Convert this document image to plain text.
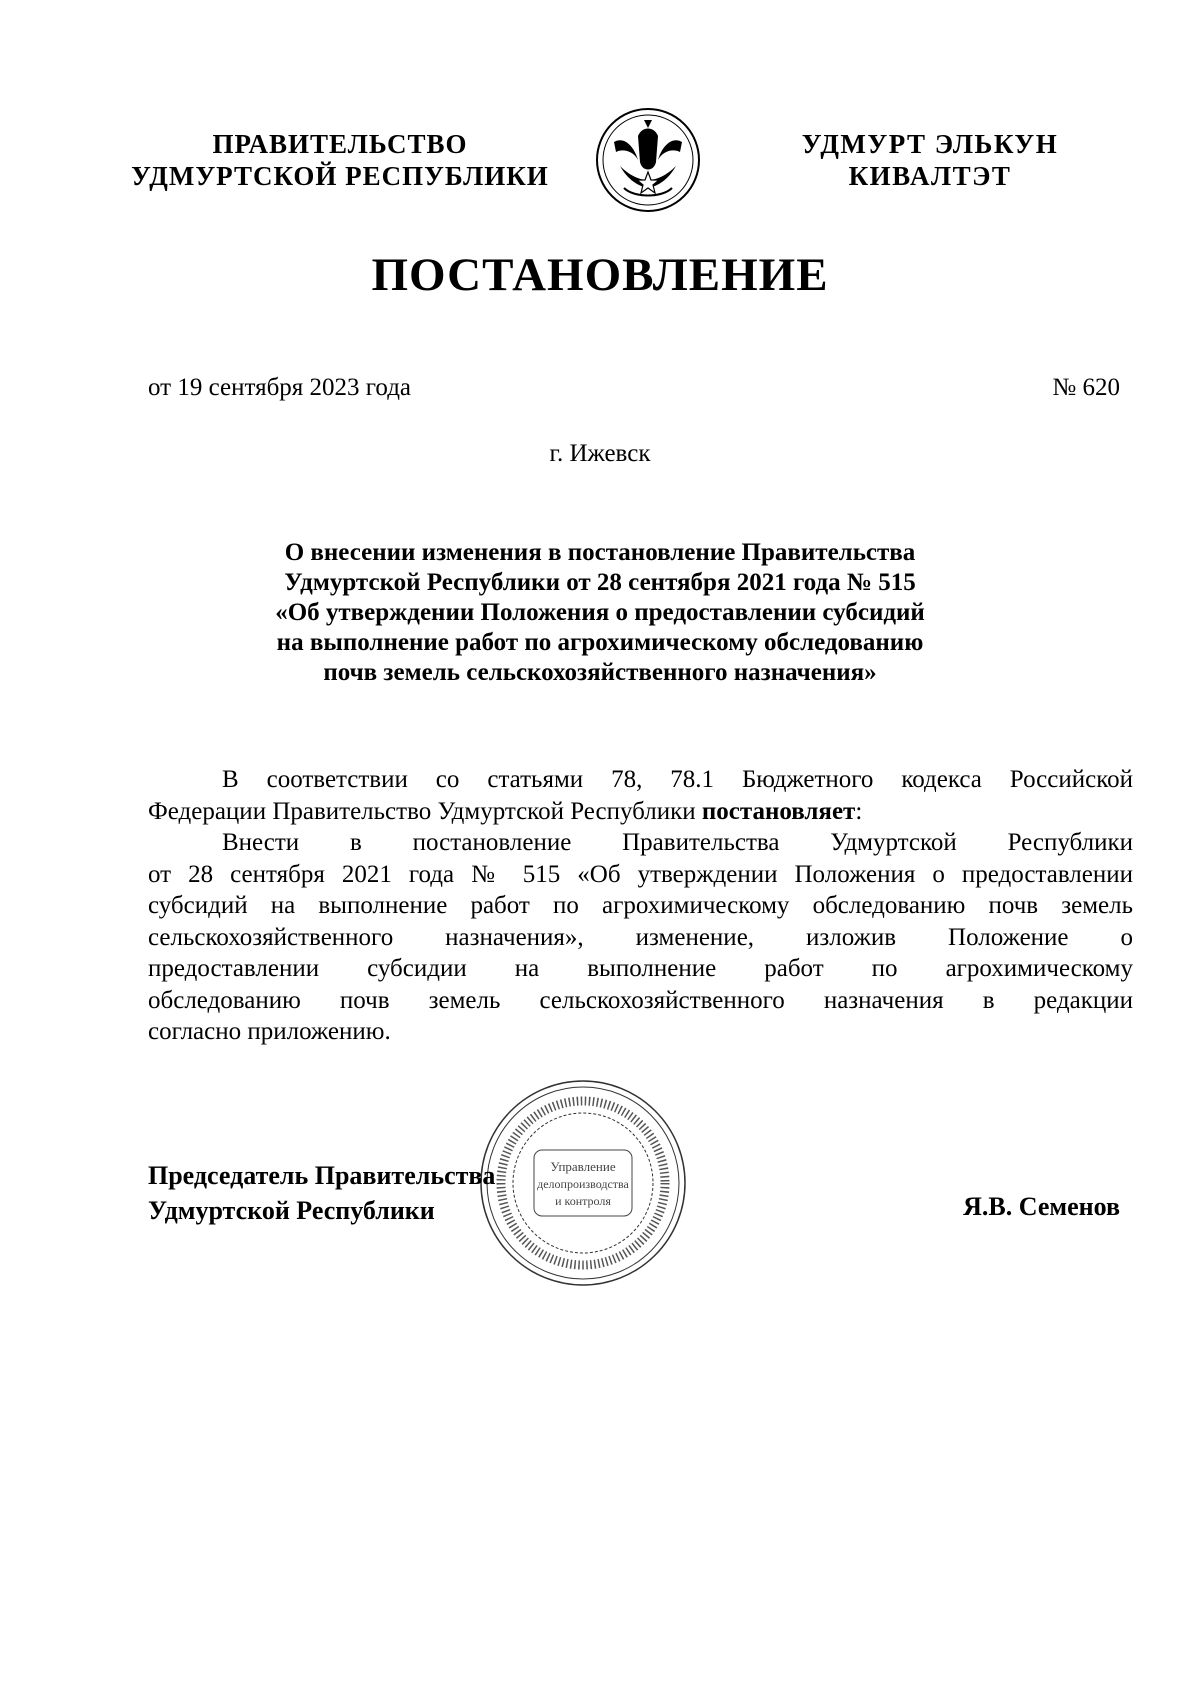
ПРАВИТЕЛЬСТВО
УДМУРТСКОЙ РЕСПУБЛИКИ
УДМУРТ ЭЛЬКУН
КИВАЛТЭТ
ПОСТАНОВЛЕНИЕ
от 19 сентября 2023 года	№ 620
г. Ижевск
О внесении изменения в постановление Правительства
Удмуртской Республики от 28 сентября 2021 года № 515
«Об утверждении Положения о предоставлении субсидий
на выполнение работ по агрохимическому обследованию
почв земель сельскохозяйственного назначения»
В соответствии со статьями 78, 78.1 Бюджетного кодекса Российской
Федерации Правительство Удмуртской Республики постановляет:
Внести в постановление Правительства Удмуртской Республики
от 28 сентября 2021 года № 515 «Об утверждении Положения о предоставлении
субсидий на выполнение работ по агрохимическому обследованию почв земель
сельскохозяйственного назначения», изменение, изложив Положение о
предоставлении субсидии на выполнение работ по агрохимическому
обследованию почв земель сельскохозяйственного назначения в редакции
согласно приложению.
Управление
делопроизводства
и контроля
Председатель Правительства
Удмуртской Республики	Я.В. Семенов
